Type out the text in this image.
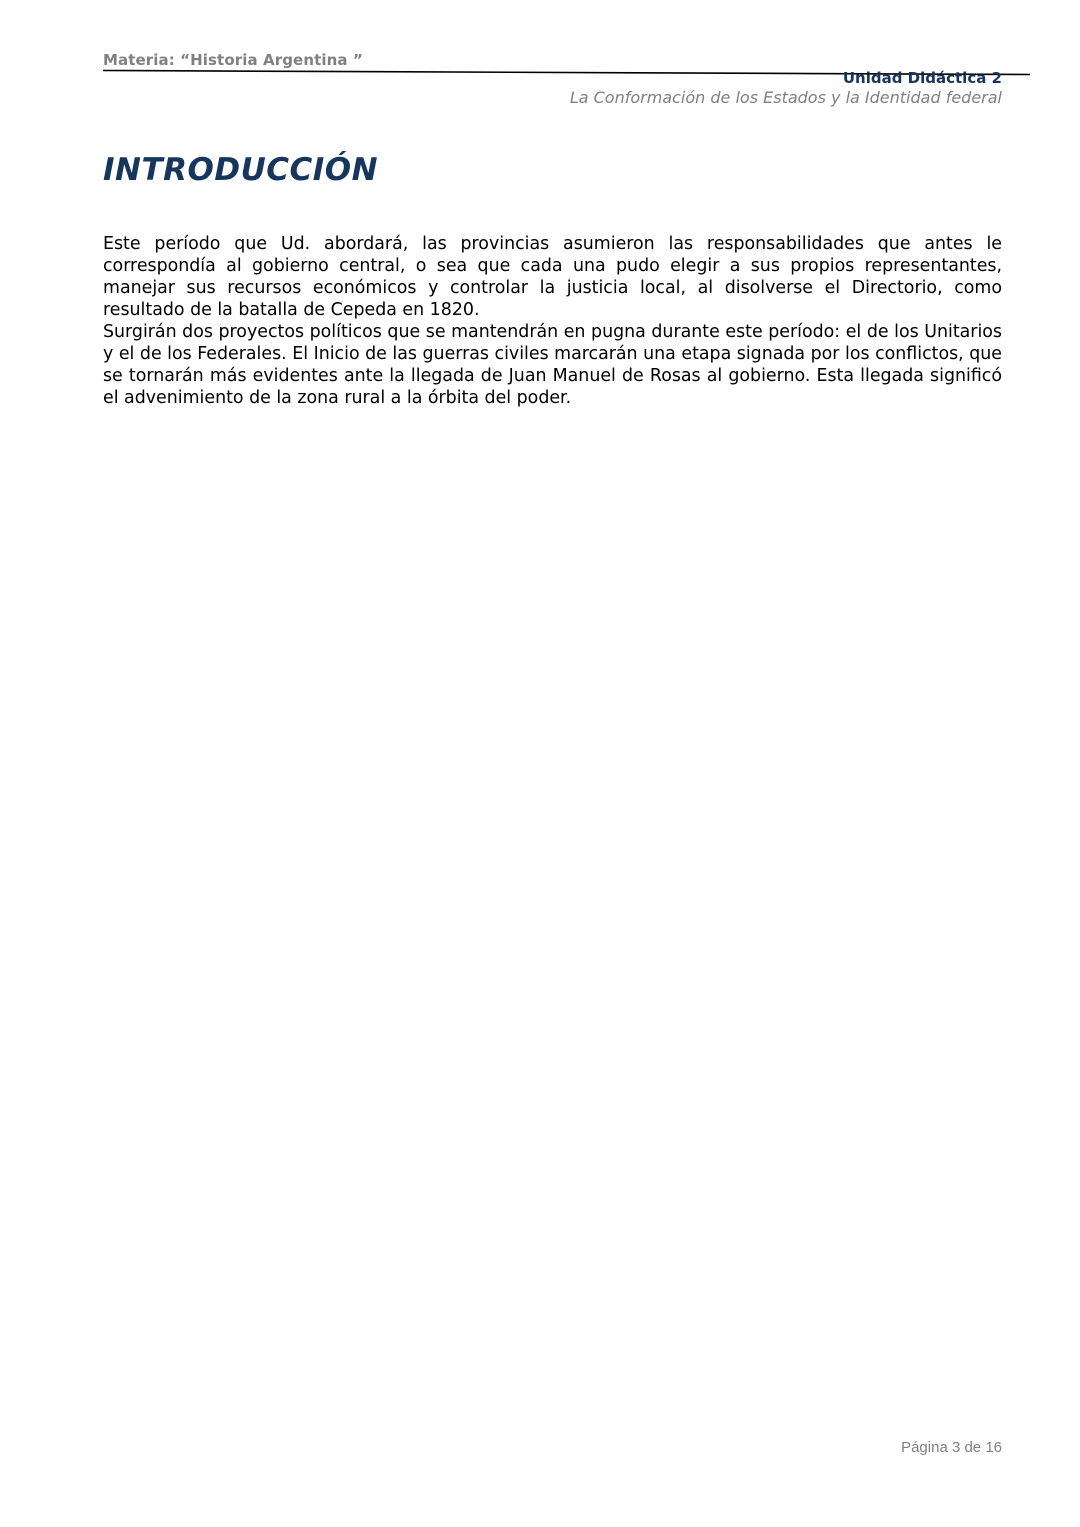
Materia: “Historia Argentina ”
Unidad Didáctica 2
La Conformación de los Estados y la Identidad federal
INTRODUCCIÓN

Este período que Ud. abordará, las provincias asumieron las responsabilidades que antes le correspondía al gobierno central, o sea que cada una pudo elegir a sus propios representantes, manejar sus recursos económicos y controlar la justicia local, al disolverse el Directorio, como resultado de la batalla de Cepeda en 1820.

Surgirán dos proyectos políticos que se mantendrán en pugna durante este período: el de los Unitarios y el de los Federales. El Inicio de las guerras civiles marcarán una etapa signada por los conflictos, que se tornarán más evidentes ante la llegada de Juan Manuel de Rosas al gobierno. Esta llegada significó el advenimiento de la zona rural a la órbita del poder.

Página 3 de 16
